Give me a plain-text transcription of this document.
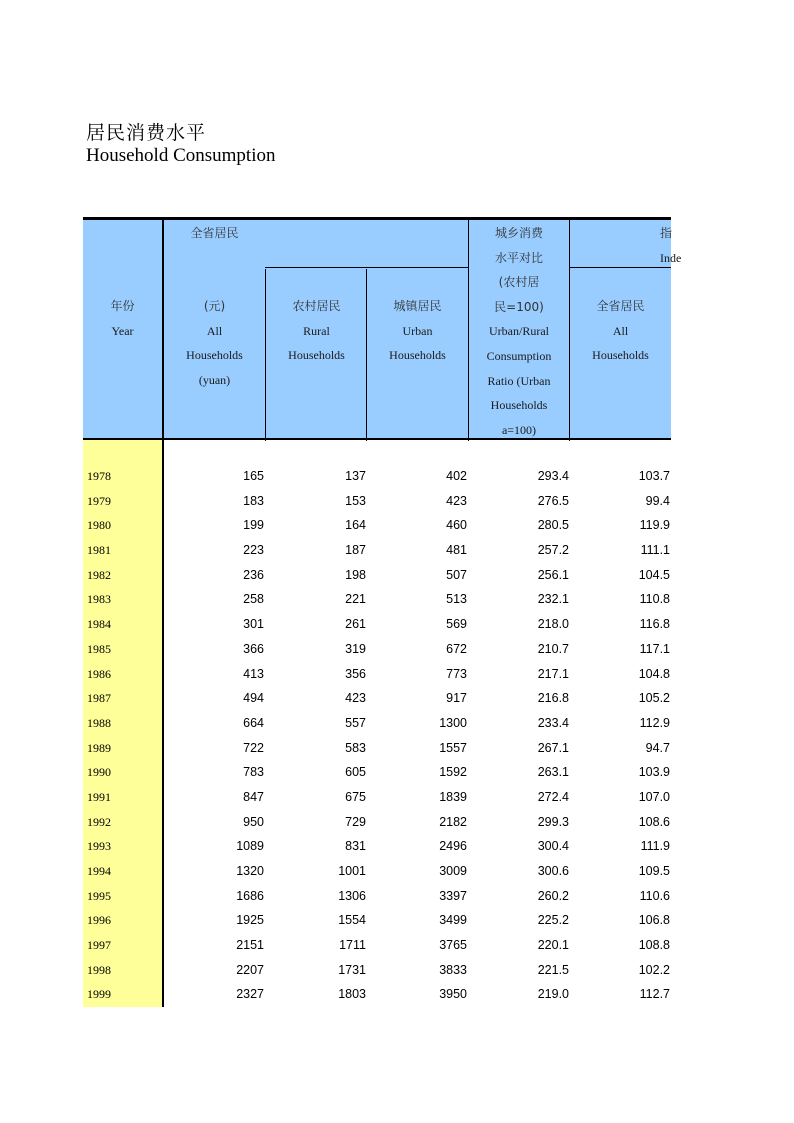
居民消费水平
Household Consumption
年份
Year
全省居民
(元)
All
Households
(yuan)
农村居民
Rural
Households
城镇居民
Urban
Households
城乡消费
水平对比
(农村居
民=100)
Urban/Rural
Consumption
Ratio (Urban
Households
a=100)
指
Inde
全省居民
All
Households
1978	165	137	402	293.4	103.7
1979	183	153	423	276.5	99.4
1980	199	164	460	280.5	119.9
1981	223	187	481	257.2	111.1
1982	236	198	507	256.1	104.5
1983	258	221	513	232.1	110.8
1984	301	261	569	218.0	116.8
1985	366	319	672	210.7	117.1
1986	413	356	773	217.1	104.8
1987	494	423	917	216.8	105.2
1988	664	557	1300	233.4	112.9
1989	722	583	1557	267.1	94.7
1990	783	605	1592	263.1	103.9
1991	847	675	1839	272.4	107.0
1992	950	729	2182	299.3	108.6
1993	1089	831	2496	300.4	111.9
1994	1320	1001	3009	300.6	109.5
1995	1686	1306	3397	260.2	110.6
1996	1925	1554	3499	225.2	106.8
1997	2151	1711	3765	220.1	108.8
1998	2207	1731	3833	221.5	102.2
1999	2327	1803	3950	219.0	112.7
